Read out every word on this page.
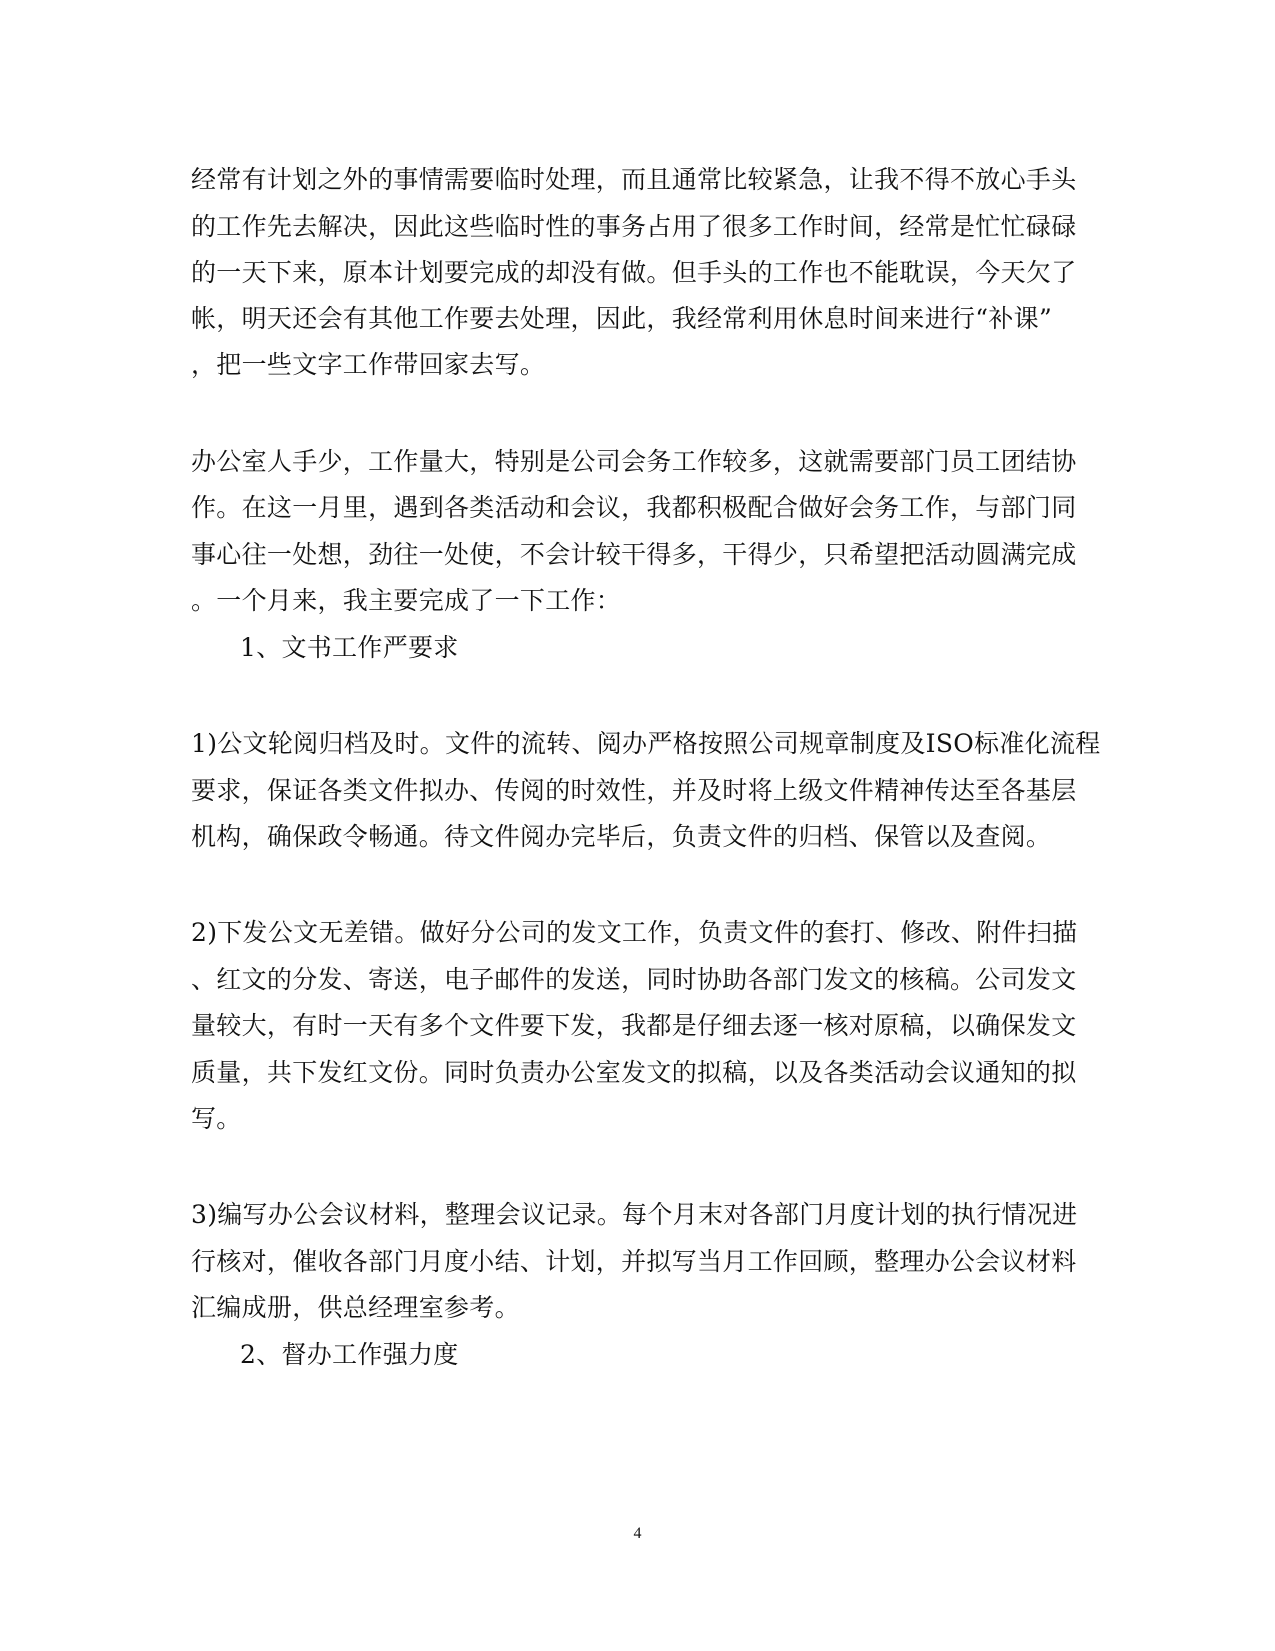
经常有计划之外的事情需要临时处理，而且通常比较紧急，让我不得不放心手头
的工作先去解决，因此这些临时性的事务占用了很多工作时间，经常是忙忙碌碌
的一天下来，原本计划要完成的却没有做。但手头的工作也不能耽误，今天欠了
帐，明天还会有其他工作要去处理，因此，我经常利用休息时间来进行“补课”
，把一些文字工作带回家去写。
办公室人手少，工作量大，特别是公司会务工作较多，这就需要部门员工团结协
作。在这一月里，遇到各类活动和会议，我都积极配合做好会务工作，与部门同
事心往一处想，劲往一处使，不会计较干得多，干得少，只希望把活动圆满完成
。一个月来，我主要完成了一下工作：
1、文书工作严要求
1)公文轮阅归档及时。文件的流转、阅办严格按照公司规章制度及ISO标准化流程
要求，保证各类文件拟办、传阅的时效性，并及时将上级文件精神传达至各基层
机构，确保政令畅通。待文件阅办完毕后，负责文件的归档、保管以及查阅。
2)下发公文无差错。做好分公司的发文工作，负责文件的套打、修改、附件扫描
、红文的分发、寄送，电子邮件的发送，同时协助各部门发文的核稿。公司发文
量较大，有时一天有多个文件要下发，我都是仔细去逐一核对原稿，以确保发文
质量，共下发红文份。同时负责办公室发文的拟稿，以及各类活动会议通知的拟
写。
3)编写办公会议材料，整理会议记录。每个月末对各部门月度计划的执行情况进
行核对，催收各部门月度小结、计划，并拟写当月工作回顾，整理办公会议材料
汇编成册，供总经理室参考。
2、督办工作强力度
4
